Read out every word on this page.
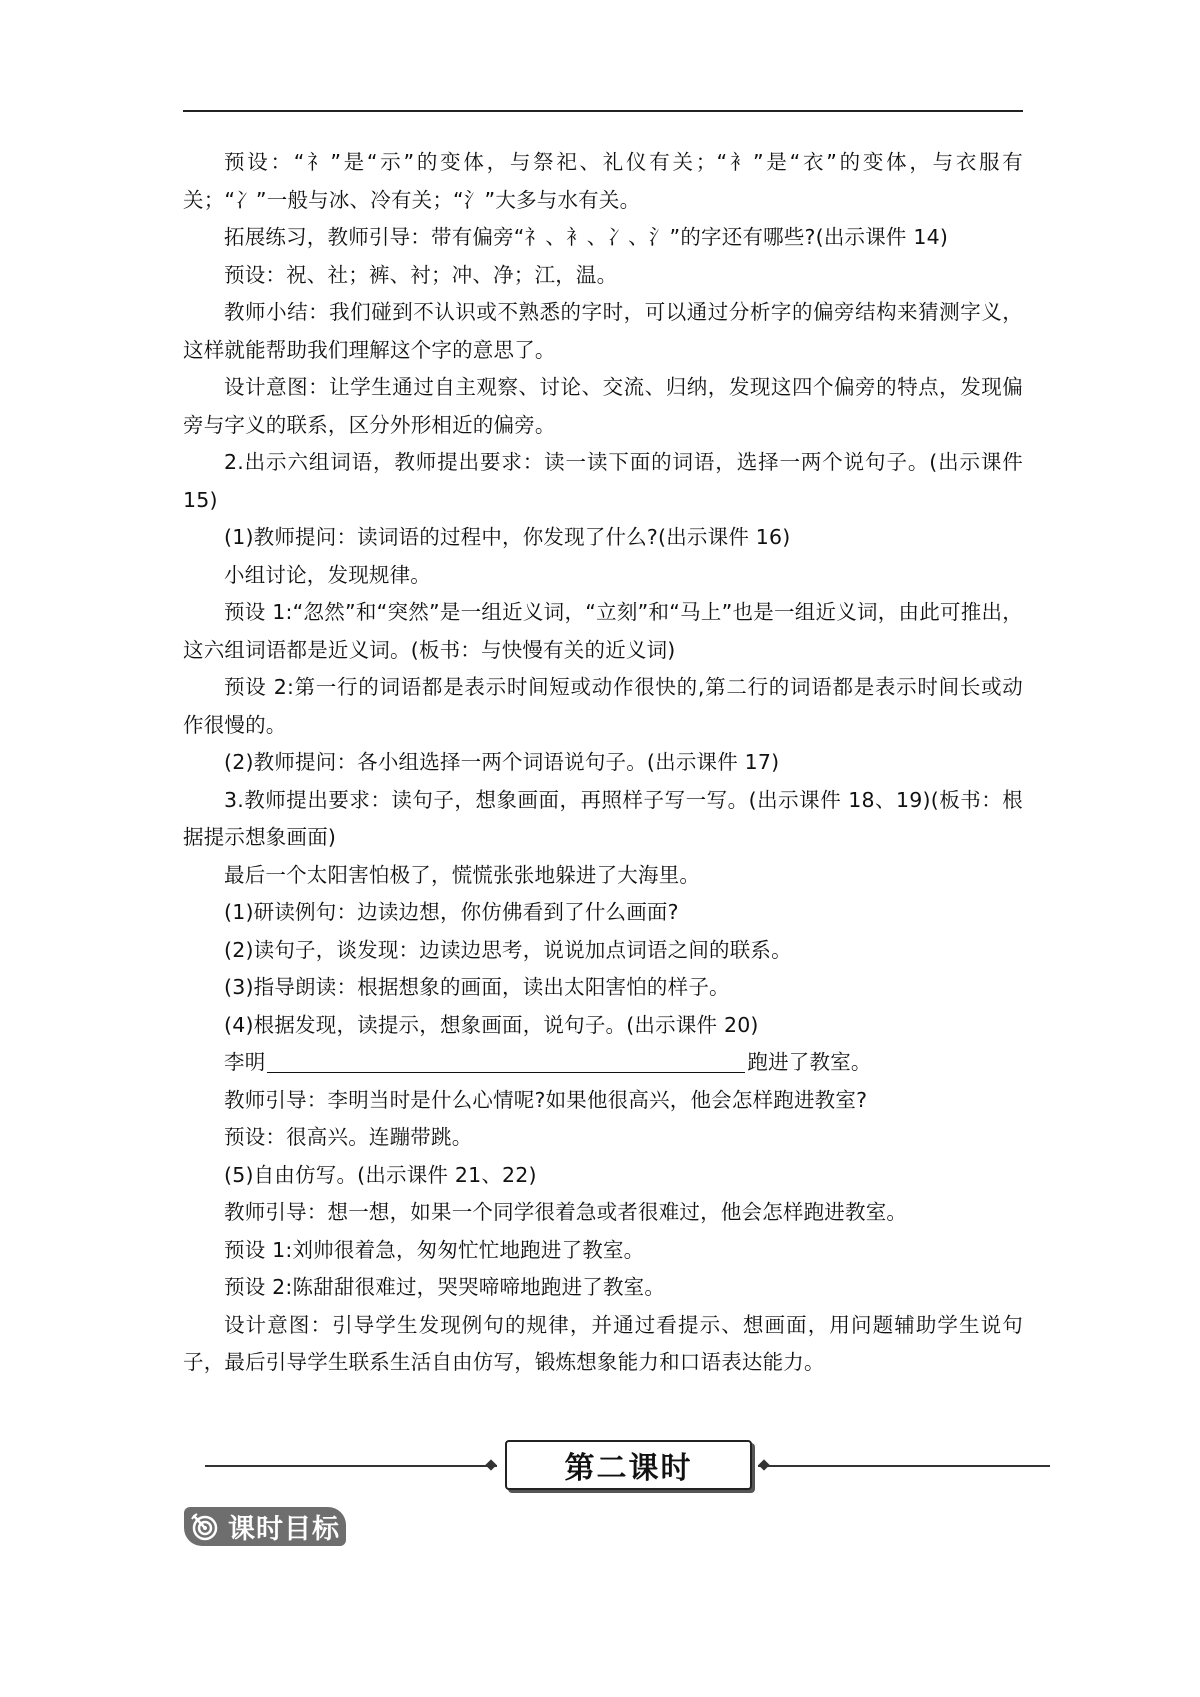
预设：“礻”是“示”的变体，与祭祀、礼仪有关；“衤”是“衣”的变体，与衣服有关；“冫”一般与冰、冷有关；“氵”大多与水有关。

拓展练习，教师引导：带有偏旁“礻、衤、冫、氵”的字还有哪些?(出示课件 14)

预设：祝、社；裤、衬；冲、净；江，温。

教师小结：我们碰到不认识或不熟悉的字时，可以通过分析字的偏旁结构来猜测字义，这样就能帮助我们理解这个字的意思了。

设计意图：让学生通过自主观察、讨论、交流、归纳，发现这四个偏旁的特点，发现偏旁与字义的联系，区分外形相近的偏旁。

2.出示六组词语，教师提出要求：读一读下面的词语，选择一两个说句子。(出示课件 15)

(1)教师提问：读词语的过程中，你发现了什么?(出示课件 16)

小组讨论，发现规律。

预设 1:“忽然”和“突然”是一组近义词，“立刻”和“马上”也是一组近义词，由此可推出，这六组词语都是近义词。(板书：与快慢有关的近义词)

预设 2:第一行的词语都是表示时间短或动作很快的,第二行的词语都是表示时间长或动作很慢的。

(2)教师提问：各小组选择一两个词语说句子。(出示课件 17)

3.教师提出要求：读句子，想象画面，再照样子写一写。(出示课件 18、19)(板书：根据提示想象画面)

最后一个太阳害怕极了，慌慌张张地躲进了大海里。

(1)研读例句：边读边想，你仿佛看到了什么画面?

(2)读句子，谈发现：边读边思考，说说加点词语之间的联系。

(3)指导朗读：根据想象的画面，读出太阳害怕的样子。

(4)根据发现，读提示，想象画面，说句子。(出示课件 20)

李明	跑进了教室。

教师引导：李明当时是什么心情呢?如果他很高兴，他会怎样跑进教室?

预设：很高兴。连蹦带跳。

(5)自由仿写。(出示课件 21、22)

教师引导：想一想，如果一个同学很着急或者很难过，他会怎样跑进教室。

预设 1:刘帅很着急，匆匆忙忙地跑进了教室。

预设 2:陈甜甜很难过，哭哭啼啼地跑进了教室。

设计意图：引导学生发现例句的规律，并通过看提示、想画面，用问题辅助学生说句子，最后引导学生联系生活自由仿写，锻炼想象能力和口语表达能力。

第二课时
课时目标
